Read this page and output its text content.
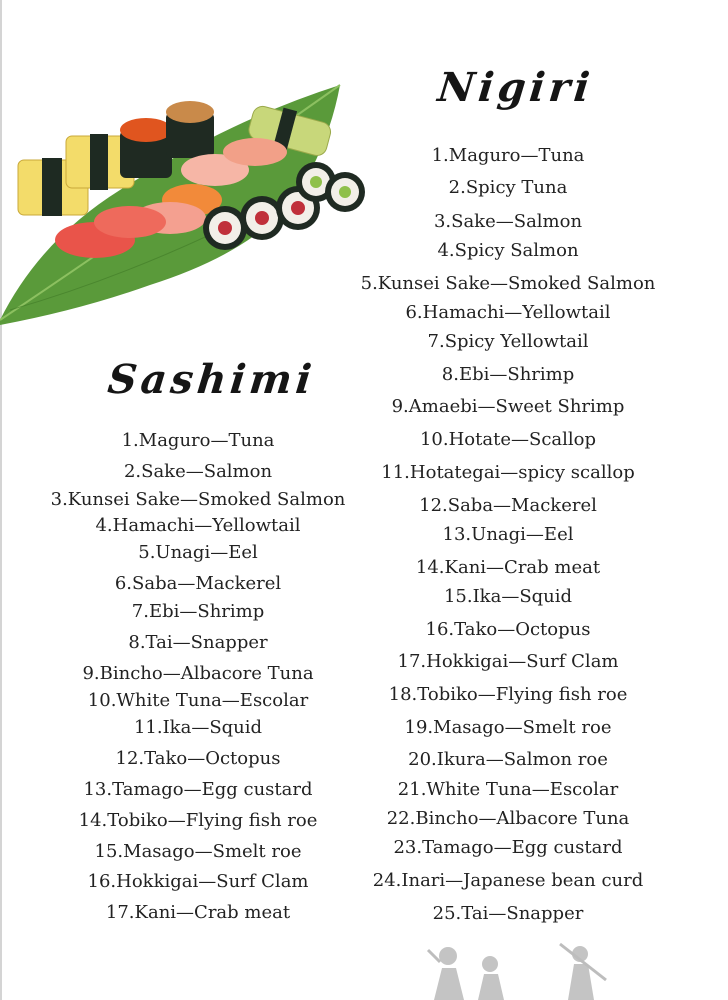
Nigiri
Sashimi
1.Maguro—Tuna
2.Spicy Tuna
3.Sake—Salmon
4.Spicy Salmon
5.Kunsei Sake—Smoked Salmon
6.Hamachi—Yellowtail
7.Spicy Yellowtail
8.Ebi—Shrimp
9.Amaebi—Sweet Shrimp
10.Hotate—Scallop
11.Hotategai—spicy scallop
12.Saba—Mackerel
13.Unagi—Eel
14.Kani—Crab meat
15.Ika—Squid
16.Tako—Octopus
17.Hokkigai—Surf Clam
18.Tobiko—Flying fish roe
19.Masago—Smelt roe
20.Ikura—Salmon roe
21.White Tuna—Escolar
22.Bincho—Albacore Tuna
23.Tamago—Egg custard
24.Inari—Japanese bean curd
25.Tai—Snapper
1.Maguro—Tuna
2.Sake—Salmon
3.Kunsei Sake—Smoked Salmon
4.Hamachi—Yellowtail
5.Unagi—Eel
6.Saba—Mackerel
7.Ebi—Shrimp
8.Tai—Snapper
9.Bincho—Albacore Tuna
10.White Tuna—Escolar
11.Ika—Squid
12.Tako—Octopus
13.Tamago—Egg custard
14.Tobiko—Flying fish roe
15.Masago—Smelt roe
16.Hokkigai—Surf Clam
17.Kani—Crab meat
